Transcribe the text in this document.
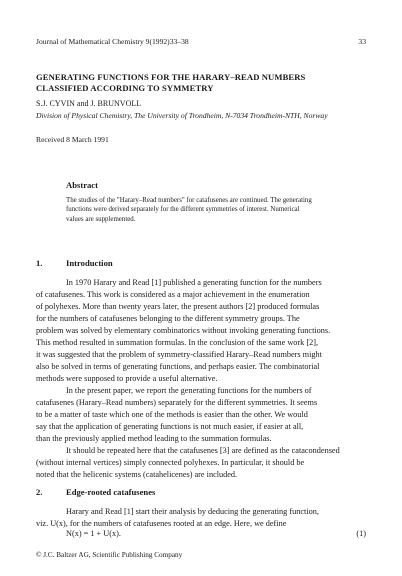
Journal of Mathematical Chemistry 9(1992)33–38	33
GENERATING FUNCTIONS FOR THE HARARY–READ NUMBERS
CLASSIFIED ACCORDING TO SYMMETRY
S.J. CYVIN and J. BRUNVOLL
Division of Physical Chemistry, The University of Trondheim, N-7034 Trondheim-NTH, Norway
Received 8 March 1991
Abstract
The studies of the "Harary–Read numbers" for catafusenes are continued. The generating
functions were derived separately for the different symmetries of interest. Numerical
values are supplemented.
1.	Introduction
In 1970 Harary and Read [1] published a generating function for the numbers
of catafusenes. This work is considered as a major achievement in the enumeration
of polyhexes. More than twenty years later, the present authors [2] produced formulas
for the numbers of catafusenes belonging to the different symmetry groups. The
problem was solved by elementary combinatorics without invoking generating functions.
This method resulted in summation formulas. In the conclusion of the same work [2],
it was suggested that the problem of symmetry-classified Harary–Read numbers might
also be solved in terms of generating functions, and perhaps easier. The combinatorial
methods were supposed to provide a useful alternative.
In the present paper, we report the generating functions for the numbers of
catafusenes (Harary–Read numbers) separately for the different symmetries. It seems
to be a matter of taste which one of the methods is easier than the other. We would
say that the application of generating functions is not much easier, if easier at all,
than the previously applied method leading to the summation formulas.
It should be repeated here that the catafusenes [3] are defined as the catacondensed
(without internal vertices) simply connected polyhexes. In particular, it should be
noted that the helicenic systems (catahelicenes) are included.
2.	Edge-rooted catafusenes
Harary and Read [1] start their analysis by deducing the generating function,
viz. U(x), for the numbers of catafusenes rooted at an edge. Here, we define
N(x) = 1 + U(x).	(1)
© J.C. Baltzer AG, Scientific Publishing Company
